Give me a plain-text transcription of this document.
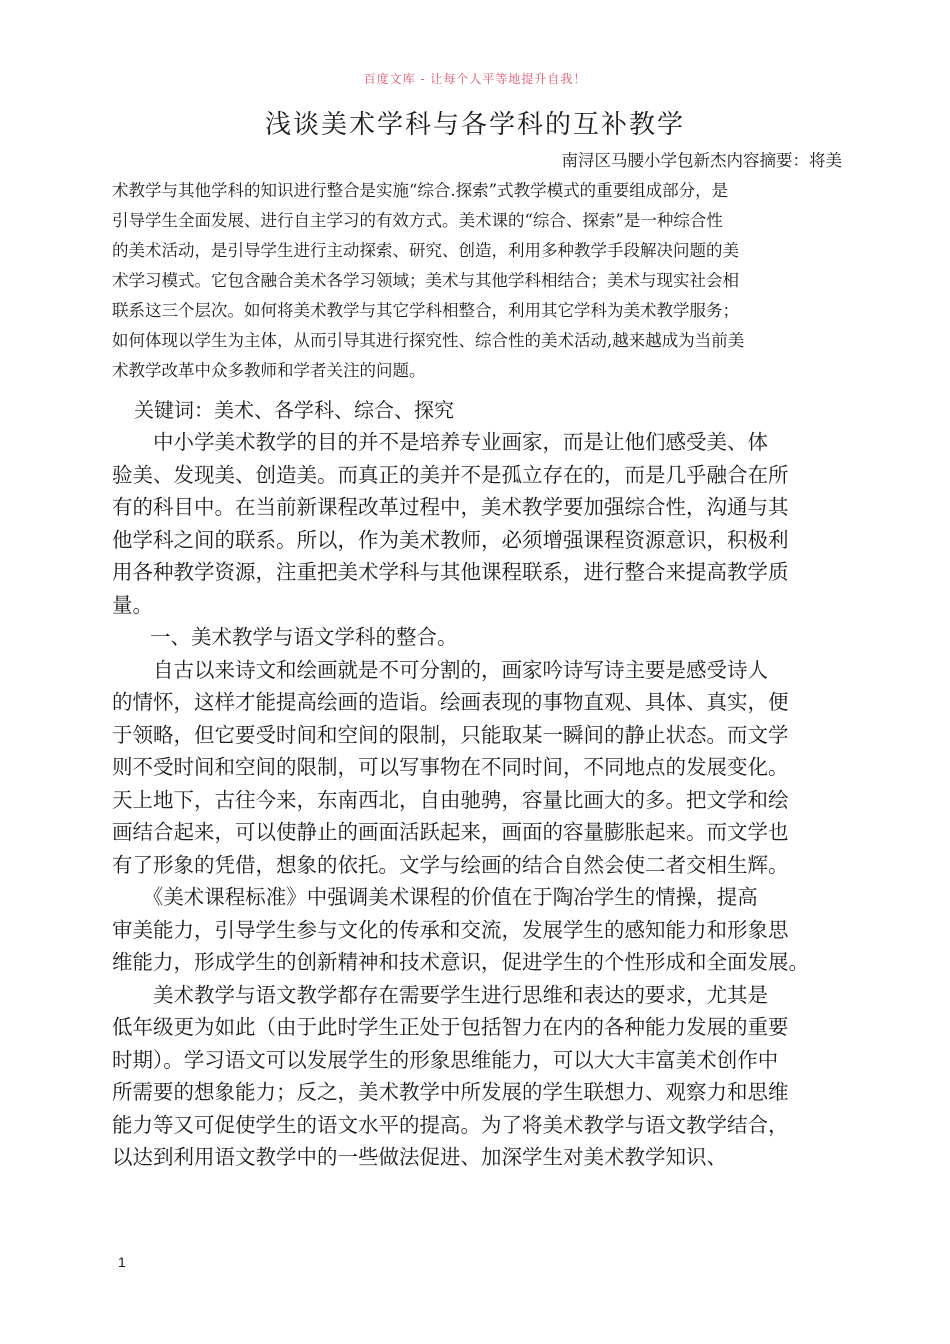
百度文库 - 让每个人平等地提升自我！
浅谈美术学科与各学科的互补教学
南浔区马腰小学包新杰内容摘要：将美
术教学与其他学科的知识进行整合是实施“综合.探索”式教学模式的重要组成部分，是
引导学生全面发展、进行自主学习的有效方式。美术课的“综合、探索”是一种综合性
的美术活动，是引导学生进行主动探索、研究、创造，利用多种教学手段解决问题的美
术学习模式。它包含融合美术各学习领域；美术与其他学科相结合；美术与现实社会相
联系这三个层次。如何将美术教学与其它学科相整合，利用其它学科为美术教学服务；
如何体现以学生为主体，从而引导其进行探究性、综合性的美术活动,越来越成为当前美
术教学改革中众多教师和学者关注的问题。
关键词：美术、各学科、综合、探究
　　中小学美术教学的目的并不是培养专业画家，而是让他们感受美、体
验美、发现美、创造美。而真正的美并不是孤立存在的，而是几乎融合在所
有的科目中。在当前新课程改革过程中，美术教学要加强综合性，沟通与其
他学科之间的联系。所以，作为美术教师，必须增强课程资源意识，积极利
用各种教学资源，注重把美术学科与其他课程联系，进行整合来提高教学质
量。
一、美术教学与语文学科的整合。
　　自古以来诗文和绘画就是不可分割的，画家吟诗写诗主要是感受诗人
的情怀，这样才能提高绘画的造诣。绘画表现的事物直观、具体、真实，便
于领略，但它要受时间和空间的限制，只能取某一瞬间的静止状态。而文学
则不受时间和空间的限制，可以写事物在不同时间，不同地点的发展变化。
天上地下，古往今来，东南西北，自由驰骋，容量比画大的多。把文学和绘
画结合起来，可以使静止的画面活跃起来，画面的容量膨胀起来。而文学也
有了形象的凭借，想象的依托。文学与绘画的结合自然会使二者交相生辉。
　　《美术课程标准》中强调美术课程的价值在于陶冶学生的情操，提高
审美能力，引导学生参与文化的传承和交流，发展学生的感知能力和形象思
维能力，形成学生的创新精神和技术意识，促进学生的个性形成和全面发展。
　　美术教学与语文教学都存在需要学生进行思维和表达的要求，尤其是
低年级更为如此（由于此时学生正处于包括智力在内的各种能力发展的重要
时期）。学习语文可以发展学生的形象思维能力，可以大大丰富美术创作中
所需要的想象能力；反之，美术教学中所发展的学生联想力、观察力和思维
能力等又可促使学生的语文水平的提高。为了将美术教学与语文教学结合，
以达到利用语文教学中的一些做法促进、加深学生对美术教学知识、
1
